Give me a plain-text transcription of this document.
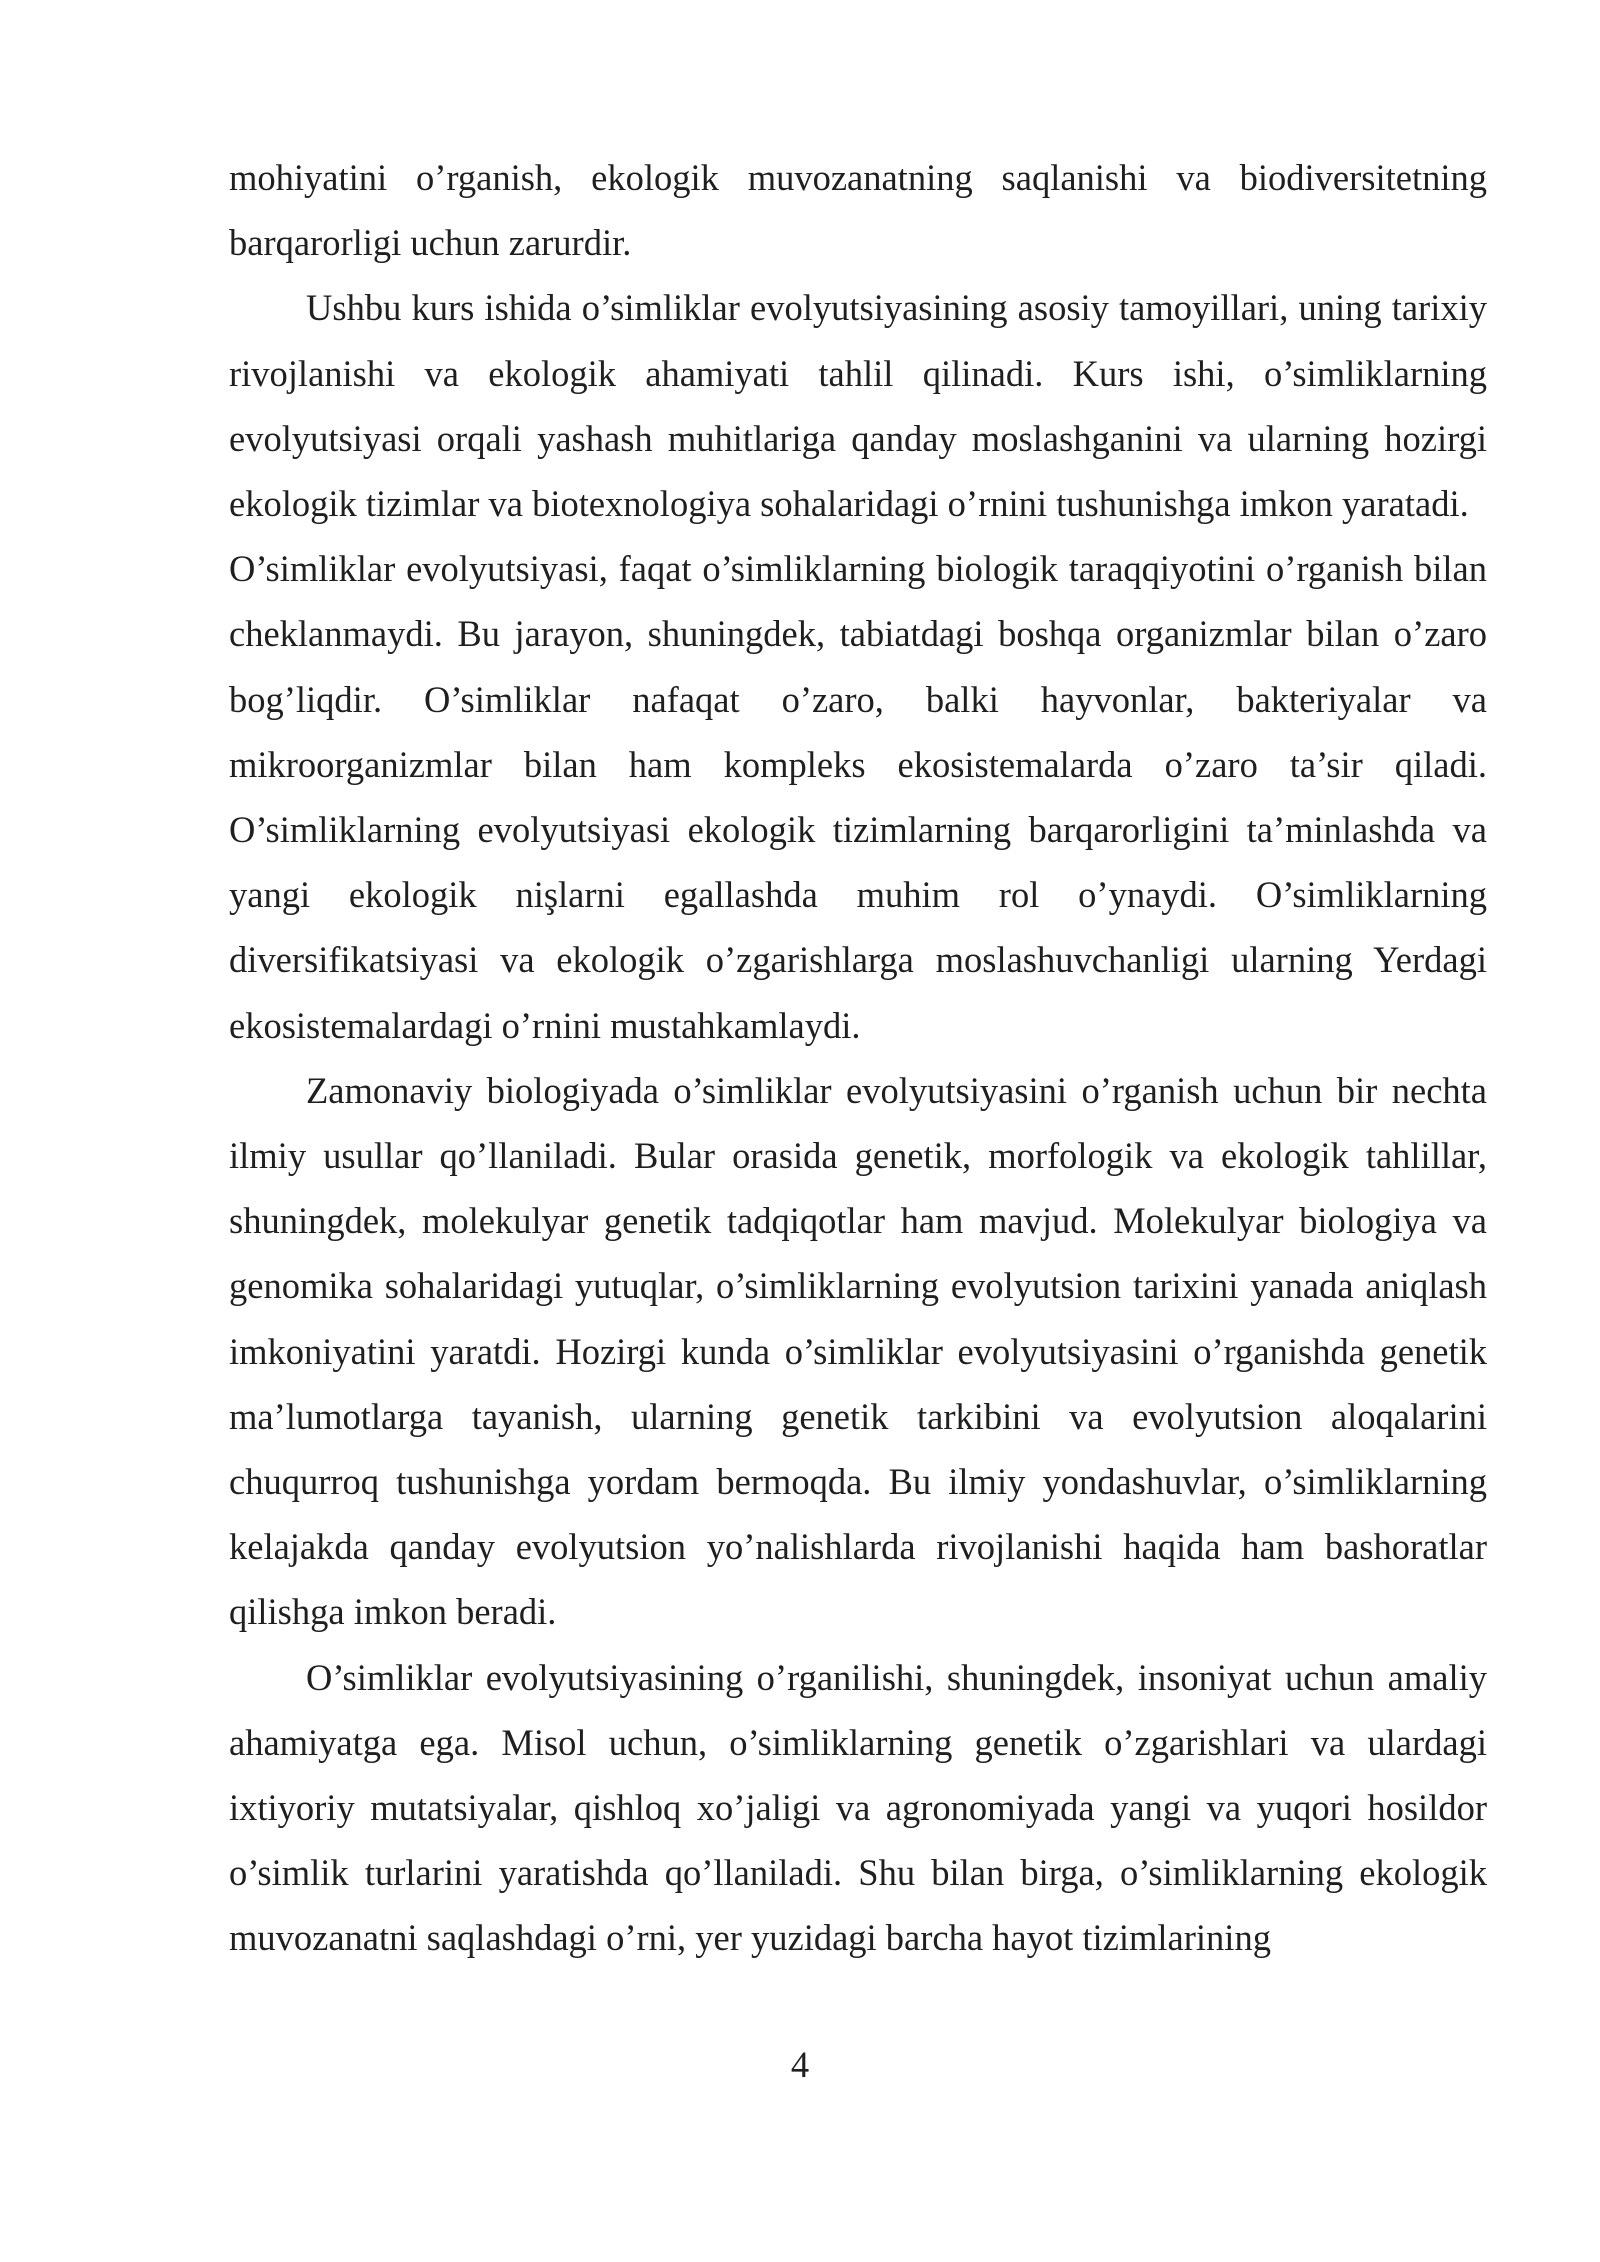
mohiyatini o’rganish, ekologik muvozanatning saqlanishi va biodiversitetning barqarorligi uchun zarurdir.

Ushbu kurs ishida o’simliklar evolyutsiyasining asosiy tamoyillari, uning tarixiy rivojlanishi va ekologik ahamiyati tahlil qilinadi. Kurs ishi, o’simliklarning evolyutsiyasi orqali yashash muhitlariga qanday moslashganini va ularning hozirgi ekologik tizimlar va biotexnologiya sohalaridagi o’rnini tushunishga imkon yaratadi.

O’simliklar evolyutsiyasi, faqat o’simliklarning biologik taraqqiyotini o’rganish bilan cheklanmaydi. Bu jarayon, shuningdek, tabiatdagi boshqa organizmlar bilan o’zaro bog’liqdir. O’simliklar nafaqat o’zaro, balki hayvonlar, bakteriyalar va mikroorganizmlar bilan ham kompleks ekosistemalarda o’zaro ta’sir qiladi. O’simliklarning evolyutsiyasi ekologik tizimlarning barqarorligini ta’minlashda va yangi ekologik nişlarni egallashda muhim rol o’ynaydi. O’simliklarning diversifikatsiyasi va ekologik o’zgarishlarga moslashuvchanligi ularning Yerdagi ekosistemalardagi o’rnini mustahkamlaydi.

Zamonaviy biologiyada o’simliklar evolyutsiyasini o’rganish uchun bir nechta ilmiy usullar qo’llaniladi. Bular orasida genetik, morfologik va ekologik tahlillar, shuningdek, molekulyar genetik tadqiqotlar ham mavjud. Molekulyar biologiya va genomika sohalaridagi yutuqlar, o’simliklarning evolyutsion tarixini yanada aniqlash imkoniyatini yaratdi. Hozirgi kunda o’simliklar evolyutsiyasini o’rganishda genetik ma’lumotlarga tayanish, ularning genetik tarkibini va evolyutsion aloqalarini chuqurroq tushunishga yordam bermoqda. Bu ilmiy yondashuvlar, o’simliklarning kelajakda qanday evolyutsion yo’nalishlarda rivojlanishi haqida ham bashoratlar qilishga imkon beradi.

O’simliklar evolyutsiyasining o’rganilishi, shuningdek, insoniyat uchun amaliy ahamiyatga ega. Misol uchun, o’simliklarning genetik o’zgarishlari va ulardagi ixtiyoriy mutatsiyalar, qishloq xo’jaligi va agronomiyada yangi va yuqori hosildor o’simlik turlarini yaratishda qo’llaniladi. Shu bilan birga, o’simliklarning ekologik muvozanatni saqlashdagi o’rni, yer yuzidagi barcha hayot tizimlarining

4
